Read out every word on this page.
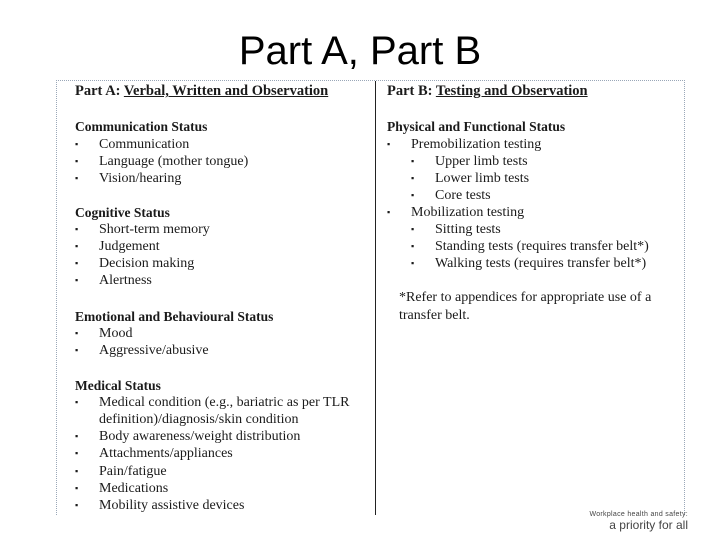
Part A, Part B
Part A: Verbal, Written and Observation
Communication Status
▪ Communication
▪ Language (mother tongue)
▪ Vision/hearing
Cognitive Status
▪ Short-term memory
▪ Judgement
▪ Decision making
▪ Alertness
Emotional and Behavioural Status
▪ Mood
▪ Aggressive/abusive
Medical Status
▪ Medical condition (e.g., bariatric as per TLR
definition)/diagnosis/skin condition
▪ Body awareness/weight distribution
▪ Attachments/appliances
▪ Pain/fatigue
▪ Medications
▪ Mobility assistive devices
Part B: Testing and Observation
Physical and Functional Status
▪ Premobilization testing
▪ Upper limb tests
▪ Lower limb tests
▪ Core tests
▪ Mobilization testing
▪ Sitting tests
▪ Standing tests (requires transfer belt*)
▪ Walking tests (requires transfer belt*)
*Refer to appendices for appropriate use of a
transfer belt.
Workplace health and safety:
a priority for all
